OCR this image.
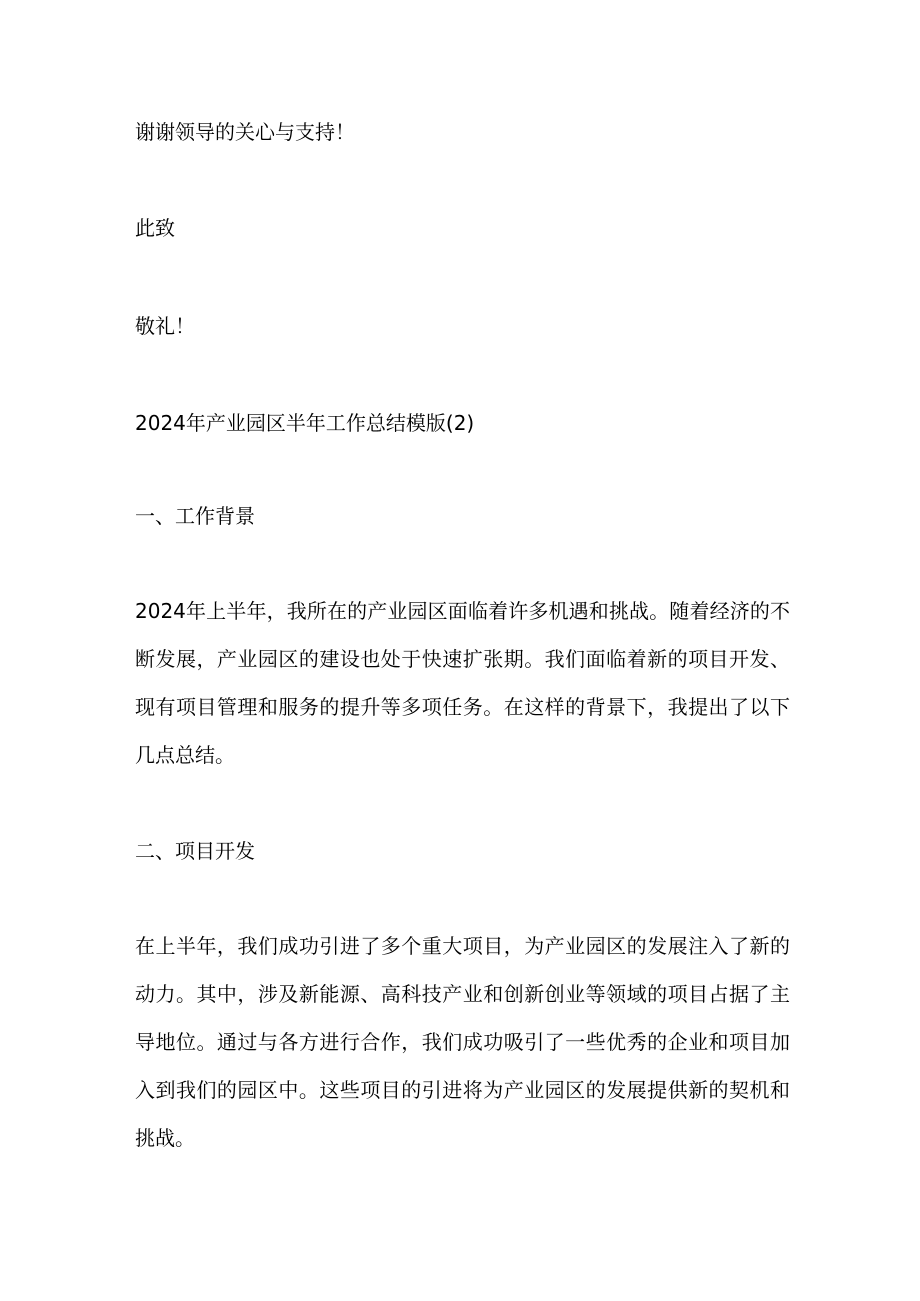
谢谢领导的关心与支持！

此致

敬礼！

2024年产业园区半年工作总结模版(2)

一、工作背景

2024年上半年，我所在的产业园区面临着许多机遇和挑战。随着经济的不断发展，产业园区的建设也处于快速扩张期。我们面临着新的项目开发、现有项目管理和服务的提升等多项任务。在这样的背景下，我提出了以下几点总结。

二、项目开发

在上半年，我们成功引进了多个重大项目，为产业园区的发展注入了新的动力。其中，涉及新能源、高科技产业和创新创业等领域的项目占据了主导地位。通过与各方进行合作，我们成功吸引了一些优秀的企业和项目加入到我们的园区中。这些项目的引进将为产业园区的发展提供新的契机和挑战。
